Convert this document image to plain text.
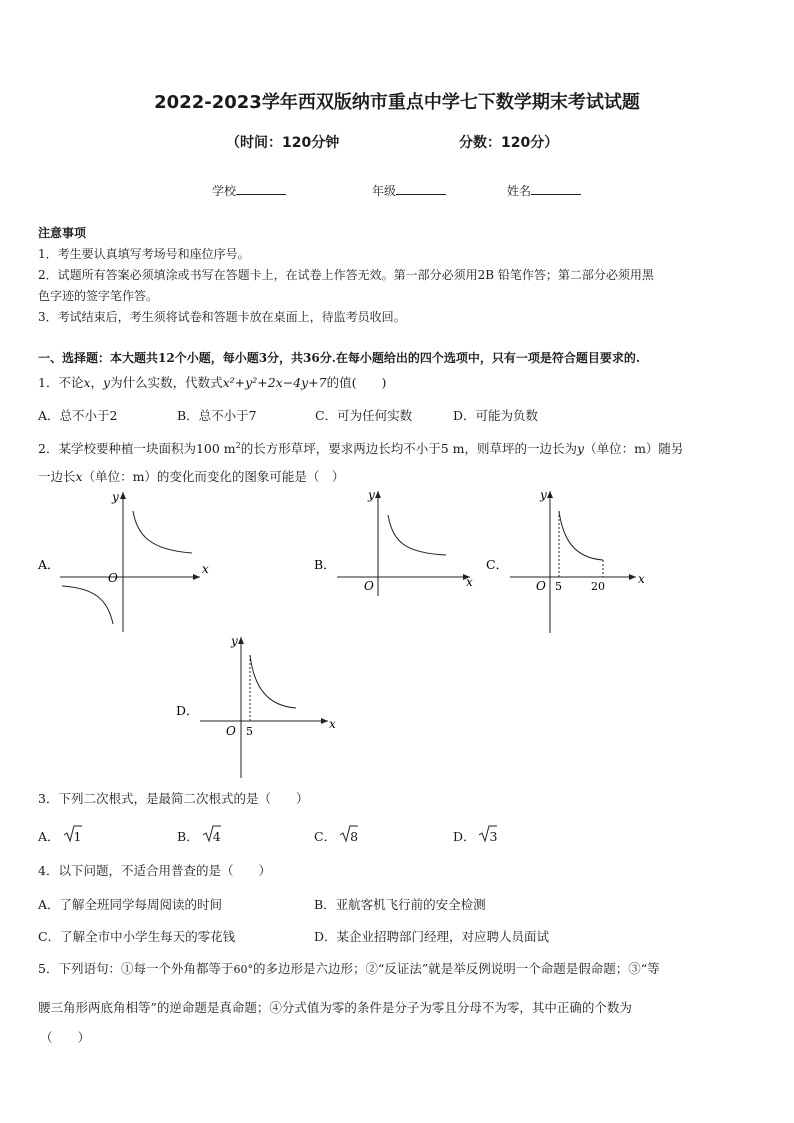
2022-2023学年西双版纳市重点中学七下数学期末考试试题
（时间：120分钟	分数：120分）
学校	年级	姓名
注意事项
1．考生要认真填写考场号和座位序号。
2．试题所有答案必须填涂或书写在答题卡上，在试卷上作答无效。第一部分必须用2B 铅笔作答；第二部分必须用黑
色字迹的签字笔作答。
3．考试结束后，考生须将试卷和答题卡放在桌面上，待监考员收回。
一、选择题：本大题共12个小题，每小题3分，共36分.在每小题给出的四个选项中，只有一项是符合题目要求的.
1．不论x，y为什么实数，代数式x²+y²+2x−4y+7的值(　　)
A．总不小于2	B．总不小于7	C．可为任何实数	D．可能为负数
2．某学校要种植一块面积为100 $m^2$的长方形草坪，要求两边长均不小于5 m，则草坪的一边长为y（单位：m）随另
一边长x（单位：m）的变化而变化的图象可能是（　）
A．	x
y
O
B．
x
y
O
C．
x
y
O 5	20
D．
x
y
O 5
3．下列二次根式，是最简二次根式的是（　　）
A． 1	B． 4	C． 8	D． 3
4．以下问题，不适合用普查的是（　　）
A．了解全班同学每周阅读的时间	B．亚航客机飞行前的安全检测
C．了解全市中小学生每天的零花钱	D．某企业招聘部门经理，对应聘人员面试
5．下列语句：①每一个外角都等于60°的多边形是六边形；②“反证法”就是举反例说明一个命题是假命题；③“等
腰三角形两底角相等”的逆命题是真命题；④分式值为零的条件是分子为零且分母不为零，其中正确的个数为
（　　）
